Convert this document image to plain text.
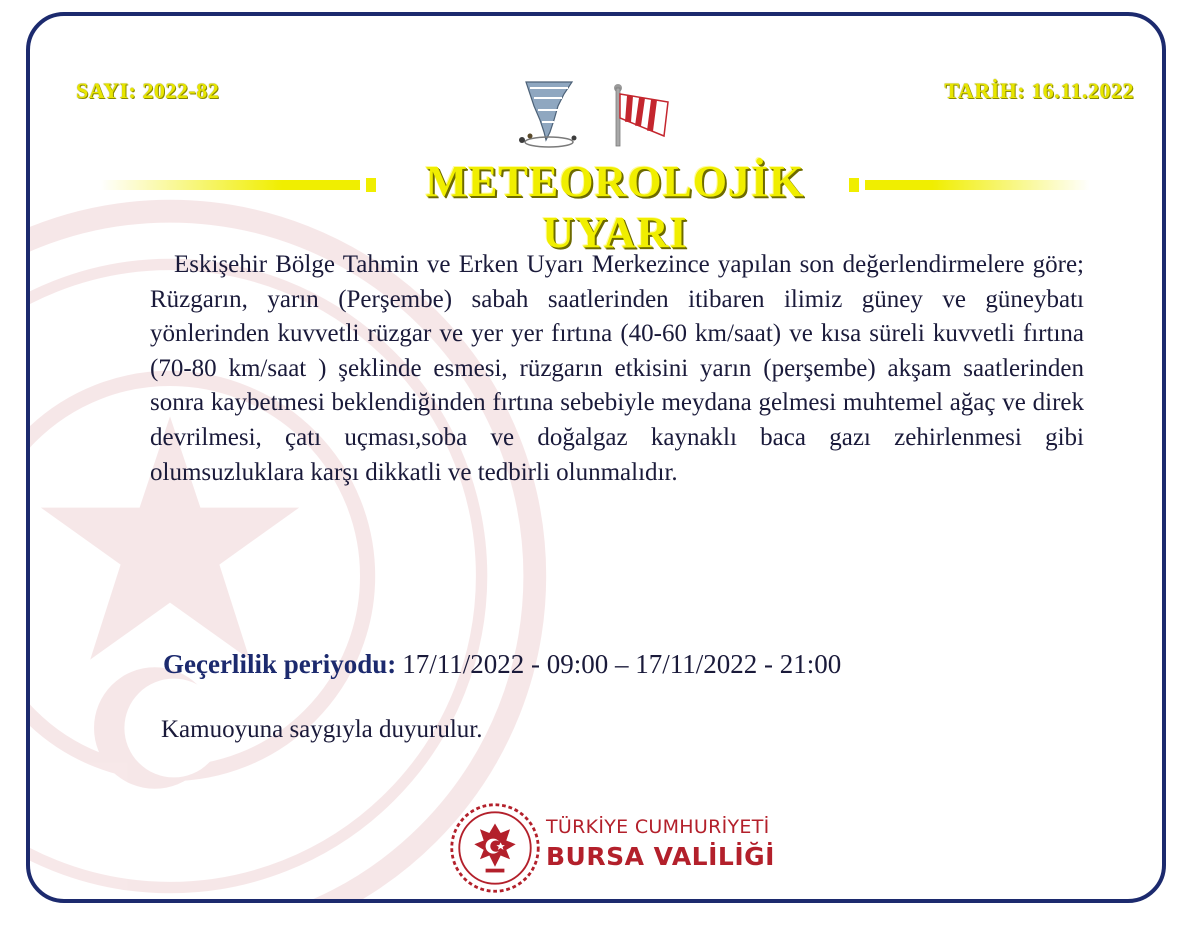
SAYI: 2022-82	TARİH: 16.11.2022
METEOROLOJİK UYARI
Eskişehir Bölge Tahmin ve Erken Uyarı Merkezince yapılan son değerlendirmelere göre; Rüzgarın, yarın (Perşembe) sabah saatlerinden itibaren ilimiz güney ve güneybatı yönlerinden kuvvetli rüzgar ve yer yer fırtına (40-60 km/saat) ve kısa süreli kuvvetli fırtına (70-80 km/saat ) şeklinde esmesi, rüzgarın etkisini yarın (perşembe) akşam saatlerinden sonra kaybetmesi beklendiğinden fırtına sebebiyle meydana gelmesi muhtemel ağaç ve direk devrilmesi, çatı uçması,soba ve doğalgaz kaynaklı baca gazı zehirlenmesi gibi olumsuzluklara karşı dikkatli ve tedbirli olunmalıdır.
Geçerlilik periyodu: 17/11/2022 - 09:00 – 17/11/2022 - 21:00
Kamuoyuna saygıyla duyurulur.
TÜRKİYE CUMHURİYETİ
BURSA VALİLİĞİ
